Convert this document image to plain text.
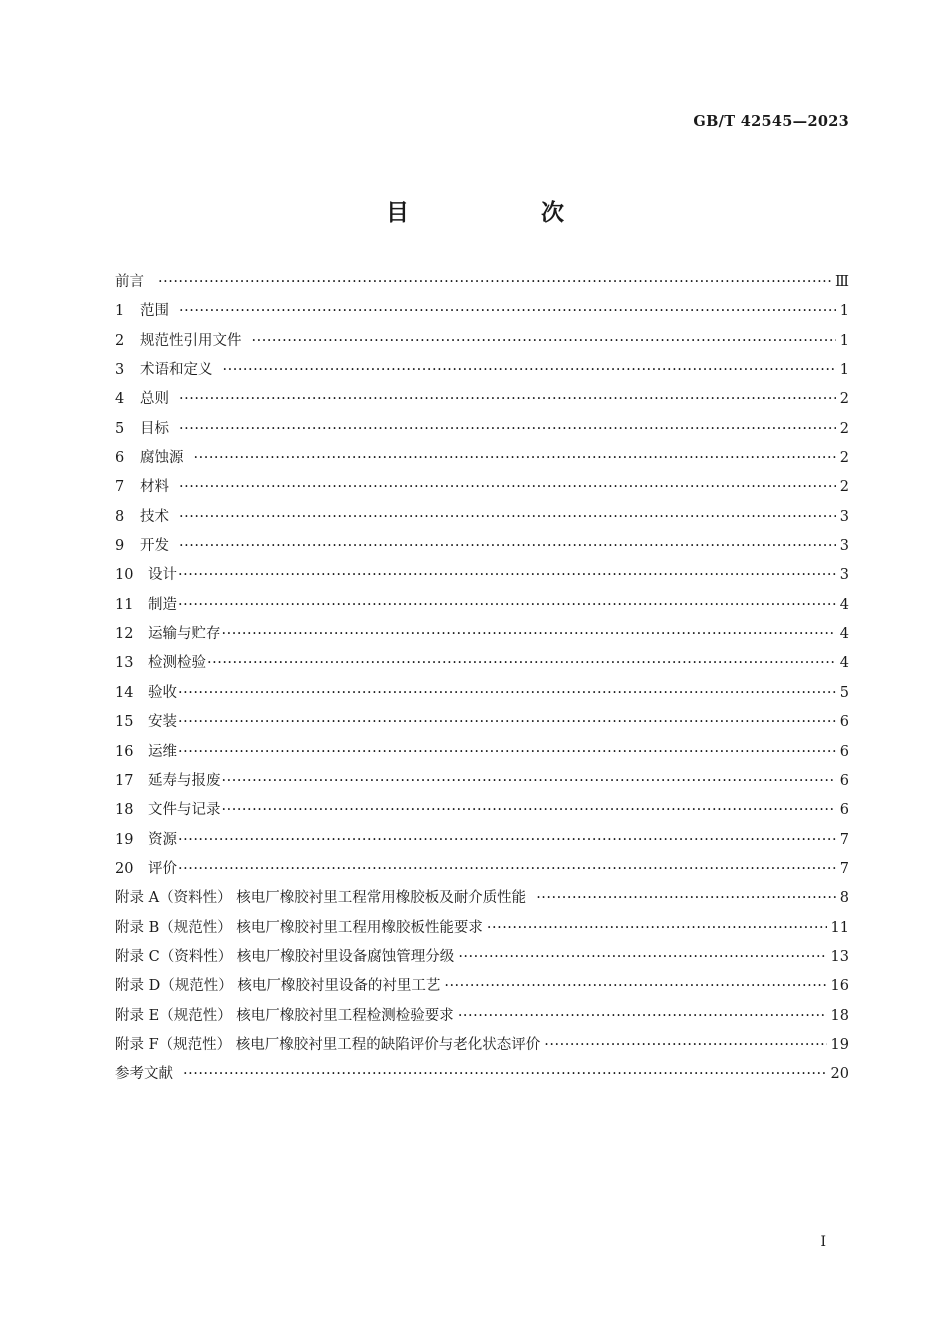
GB/T 42545—2023
目 次
前言 ·····	Ⅲ
1	范围 ·····	1
2	规范性引用文件 ·····	1
3	术语和定义 ·····	1
4	总则 ·····	2
5	目标 ·····	2
6	腐蚀源 ·····	2
7	材料 ·····	2
8	技术 ·····	3
9	开发 ·····	3
10	设计 ·····	3
11	制造 ·····	4
12	运输与贮存 ·····	4
13	检测检验 ·····	4
14	验收 ·····	5
15	安装 ·····	6
16	运维 ·····	6
17	延寿与报废 ·····	6
18	文件与记录 ·····	6
19	资源 ·····	7
20	评价 ·····	7
附录 A（资料性） 核电厂橡胶衬里工程常用橡胶板及耐介质性能 ·····	8
附录 B（规范性） 核电厂橡胶衬里工程用橡胶板性能要求 ·····	11
附录 C（资料性） 核电厂橡胶衬里设备腐蚀管理分级 ·····	13
附录 D（规范性） 核电厂橡胶衬里设备的衬里工艺 ·····	16
附录 E（规范性） 核电厂橡胶衬里工程检测检验要求 ·····	18
附录 F（规范性） 核电厂橡胶衬里工程的缺陷评价与老化状态评价 ·····	19
参考文献 ·····	20
Ⅰ
